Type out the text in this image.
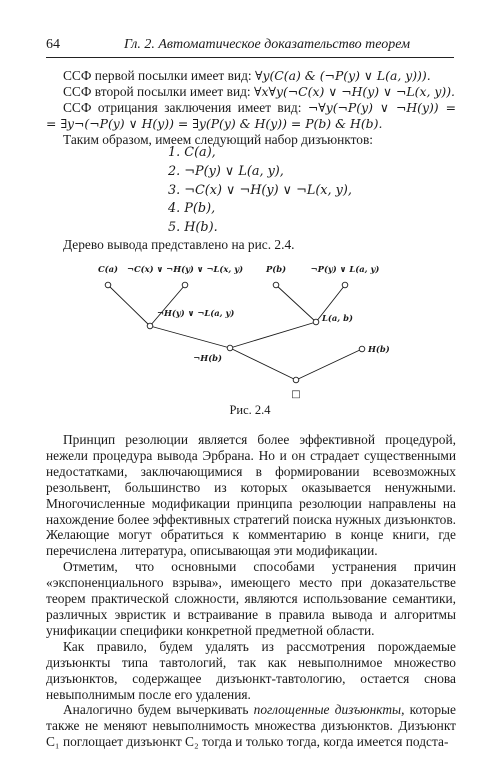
64	Гл. 2. Автоматическое доказательство теорем

ССФ первой посылки имеет вид: ∀y(C(a) & (¬P(y) ∨ L(a, y))).

ССФ второй посылки имеет вид: ∀x∀y(¬C(x) ∨ ¬H(y) ∨ ¬L(x, y)).

ССФ отрицания заключения имеет вид: ¬∀y(¬P(y) ∨ ¬H(y)) =

= ∃y¬(¬P(y) ∨ H(y)) = ∃y(P(y) & H(y)) = P(b) & H(b).

Таким образом, имеем следующий набор дизъюнктов:

1. C(a),
2. ¬P(y) ∨ L(a, y),
3. ¬C(x) ∨ ¬H(y) ∨ ¬L(x, y),
4. P(b),
5. H(b).

Дерево вывода представлено на рис. 2.4.

C(a) ¬C(x) ∨ ¬H(y) ∨ ¬L(x, y)	P(b)	¬P(y) ∨ L(a, y)
¬H(y) ∨ ¬L(a, y)	L(a, b)
¬H(b)
H(b)
□
Рис. 2.4

Принцип резолюции является более эффективной процедурой, нежели процедура вывода Эрбрана. Но и он страдает существенными недостатками, заключающимися в формировании всевозможных резольвент, большинство из которых оказывается ненужными. Многочисленные модификации принципа резолюции направлены на нахождение более эффективных стратегий поиска нужных дизъюнктов. Желающие могут обратиться к комментарию в конце книги, где перечислена литература, описывающая эти модификации.

Отметим, что основными способами устранения причин «экспоненциального взрыва», имеющего место при доказательстве теорем практической сложности, являются использование семантики, различных эвристик и встраивание в правила вывода и алгоритмы унификации специфики конкретной предметной области.

Как правило, будем удалять из рассмотрения порождаемые дизъюнкты типа тавтологий, так как невыполнимое множество дизъюнктов, содержащее дизъюнкт-тавтологию, остается снова невыполнимым после его удаления.

Аналогично будем вычеркивать поглощенные дизъюнкты, которые также не меняют невыполнимость множества дизъюнктов. Дизъюнкт C₁ поглощает дизъюнкт C₂ тогда и только тогда, когда имеется подста-
